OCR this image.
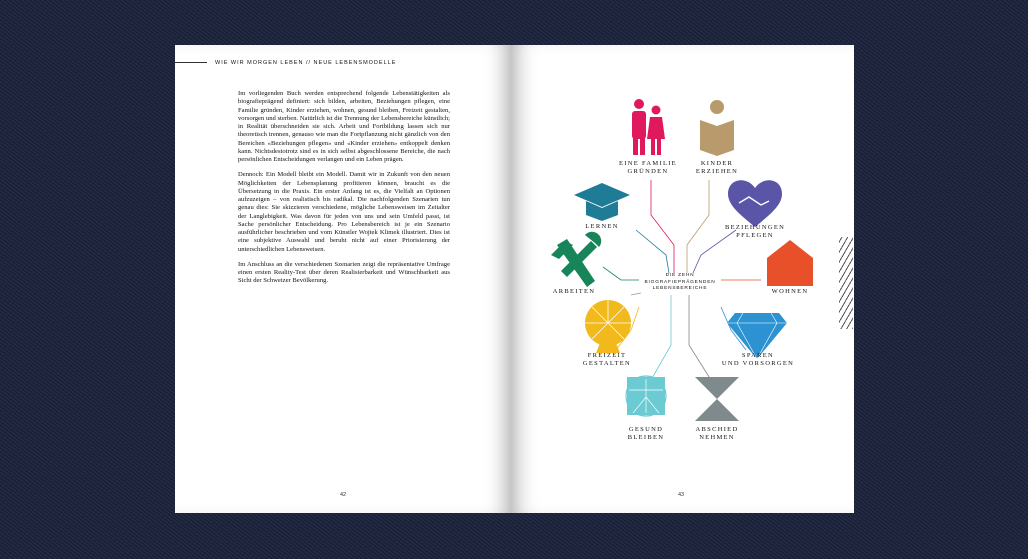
WIE WIR MORGEN LEBEN // NEUE LEBENSMODELLE

Im vorliegenden Buch werden entsprechend folgende Lebenstätigkeiten als biografieprägend definiert: sich bilden, arbeiten, Beziehungen pflegen, eine Familie gründen, Kinder erziehen, wohnen, gesund bleiben, Freizeit gestalten, vorsorgen und sterben. Natürlich ist die Trennung der Lebensbereiche künstlich; in Realität überschneiden sie sich. Arbeit und Fortbildung lassen sich nur theoretisch trennen, genauso wie man die Fortpflanzung nicht gänzlich von den Bereichen «Beziehungen pflegen» und «Kinder erziehen» entkoppelt denken kann. Nichtsdestotrotz sind es in sich selbst abgeschlossene Bereiche, die nach persönlichen Entscheidungen verlangen und ein Leben prägen.

Dennoch: Ein Modell bleibt ein Modell. Damit wir in Zukunft von den neuen Möglichkeiten der Lebensplanung profitieren können, braucht es die Übersetzung in die Praxis. Ein erster Anfang ist es, die Vielfalt an Optionen aufzuzeigen – von realistisch bis radikal. Die nachfolgenden Szenarien tun genau dies: Sie skizzieren verschiedene, mögliche Lebensweisen im Zeitalter der Langlebigkeit. Was davon für jeden von uns und sein Umfeld passt, ist Sache persönlicher Entscheidung. Pro Lebensbereich ist je ein Szenario ausführlicher beschrieben und vom Künstler Wojtek Klimek illustriert. Dies ist eine subjektive Auswahl und beruht nicht auf einer Priorisierung der unterschiedlichen Lebensweisen.

Im Anschluss an die verschiedenen Szenarien zeigt die repräsentative Umfrage einen ersten Reality-Test über deren Realisierbarkeit und Wünschbarkeit aus Sicht der Schweizer Bevölkerung.

42
EINE FAMILIE
GRÜNDEN
KINDER
ERZIEHEN
LERNEN	BEZIEHUNGEN
PFLEGEN
ARBEITEN	WOHNEN
FREIZEIT
GESTALTEN
SPAREN
UND VORSORGEN
GESUND
BLEIBEN
ABSCHIED
NEHMEN
DIE ZEHN BIOGRAFIEPRÄGENDEN LEBENSBEREICHE
43
